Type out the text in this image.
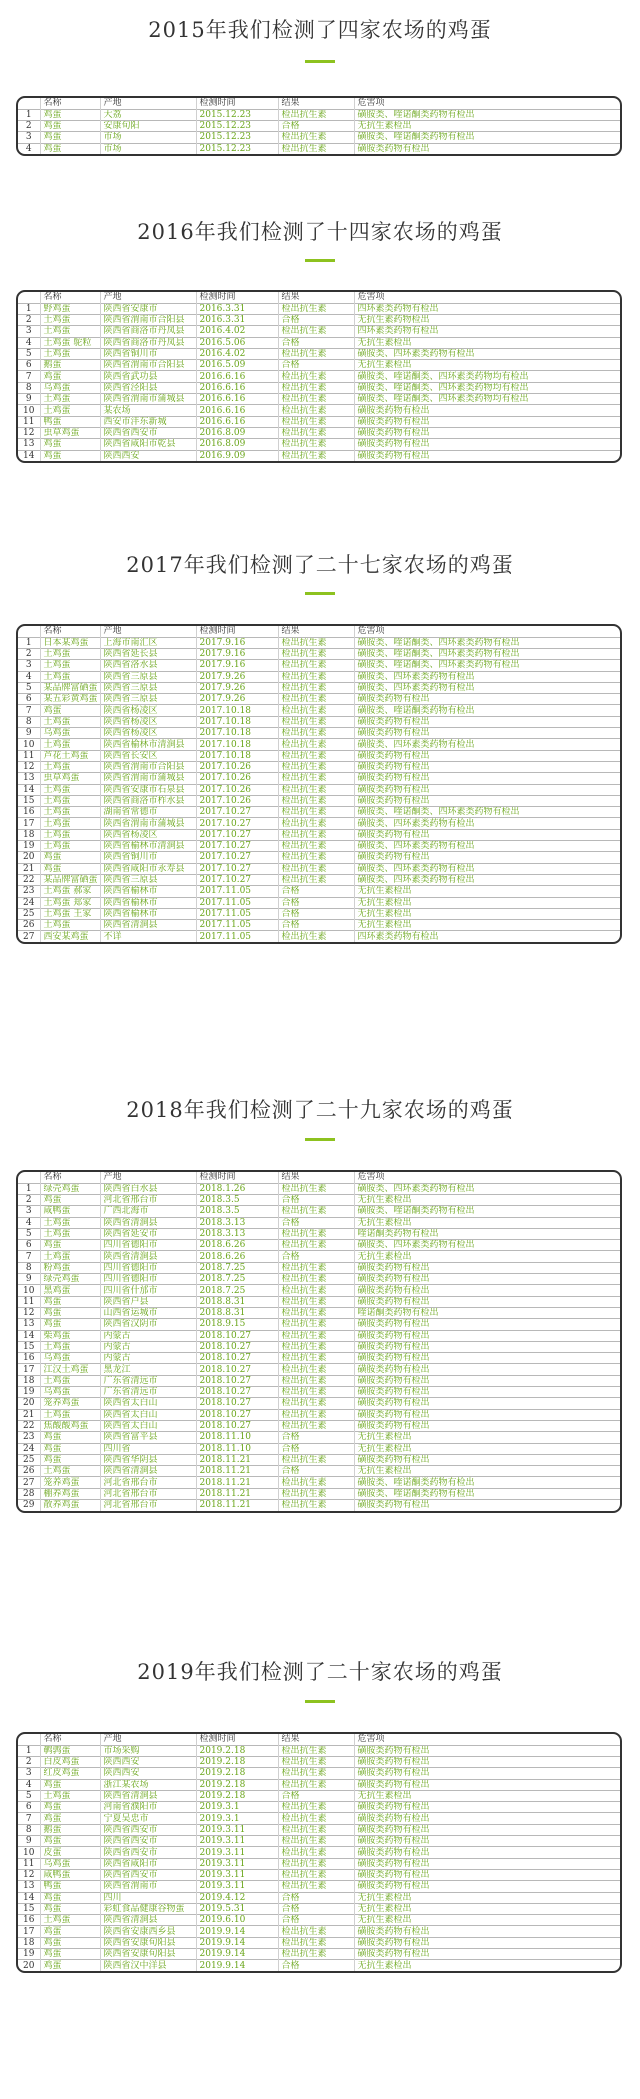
2015年我们检测了四家农场的鸡蛋
	名称	产地	检测时间	结果	危害项
1	鸡蛋	大荔	2015.12.23	检出抗生素	磺胺类、喹诺酮类药物有检出
2	鸡蛋	安康旬阳	2015.12.23	合格	无抗生素检出
3	鸡蛋	市场	2015.12.23	检出抗生素	磺胺类、喹诺酮类药物有检出
4	鸡蛋	市场	2015.12.23	检出抗生素	磺胺类药物有检出
2016年我们检测了十四家农场的鸡蛋
	名称	产地	检测时间	结果	危害项
1	野鸡蛋	陕西省安康市	2016.3.31	检出抗生素	四环素类药物有检出
2	土鸡蛋	陕西省渭南市合阳县	2016.3.31	合格	无抗生素药物检出
3	土鸡蛋	陕西省商洛市丹凤县	2016.4.02	检出抗生素	四环素类药物有检出
4	土鸡蛋 鸵粒	陕西省商洛市丹凤县	2016.5.06	合格	无抗生素检出
5	土鸡蛋	陕西省铜川市	2016.4.02	检出抗生素	磺胺类、四环素类药物有检出
6	鹅蛋	陕西省渭南市合阳县	2016.5.09	合格	无抗生素检出
7	鸡蛋	陕西省武功县	2016.6.16	检出抗生素	磺胺类、喹诺酮类、四环素类药物均有检出
8	乌鸡蛋	陕西省泾阳县	2016.6.16	检出抗生素	磺胺类、喹诺酮类、四环素类药物均有检出
9	土鸡蛋	陕西省渭南市蒲城县	2016.6.16	检出抗生素	磺胺类、喹诺酮类、四环素类药物均有检出
10	土鸡蛋	某农场	2016.6.16	检出抗生素	磺胺类药物有检出
11	鸭蛋	西安市沣东新城	2016.6.16	检出抗生素	磺胺类药物有检出
12	虫草鸡蛋	陕西省西安市	2016.8.09	检出抗生素	磺胺类药物有检出
13	鸡蛋	陕西省咸阳市乾县	2016.8.09	检出抗生素	磺胺类药物有检出
14	鸡蛋	陕西西安	2016.9.09	检出抗生素	磺胺类药物有检出
2017年我们检测了二十七家农场的鸡蛋
	名称	产地	检测时间	结果	危害项
1	日本某鸡蛋	上海市南汇区	2017.9.16	检出抗生素	磺胺类、喹诺酮类、四环素类药物有检出
2	土鸡蛋	陕西省延长县	2017.9.16	检出抗生素	磺胺类、喹诺酮类、四环素类药物有检出
3	土鸡蛋	陕西省洛水县	2017.9.16	检出抗生素	磺胺类、喹诺酮类、四环素类药物有检出
4	土鸡蛋	陕西省三原县	2017.9.26	检出抗生素	磺胺类、四环素类药物有检出
5	某品牌富硒蛋	陕西省三原县	2017.9.26	检出抗生素	磺胺类、四环素类药物有检出
6	某五彩黄鸡蛋	陕西省三原县	2017.9.26	检出抗生素	磺胺类药物有检出
7	鸡蛋	陕西省杨凌区	2017.10.18	检出抗生素	磺胺类、喹诺酮类药物有检出
8	土鸡蛋	陕西省杨凌区	2017.10.18	检出抗生素	磺胺类药物有检出
9	乌鸡蛋	陕西省杨凌区	2017.10.18	检出抗生素	磺胺类药物有检出
10	土鸡蛋	陕西省榆林市清涧县	2017.10.18	检出抗生素	磺胺类、四环素类药物有检出
11	芦花土鸡蛋	陕西省长安区	2017.10.18	检出抗生素	磺胺类药物有检出
12	土鸡蛋	陕西省渭南市合阳县	2017.10.26	检出抗生素	磺胺类药物有检出
13	虫草鸡蛋	陕西省渭南市蒲城县	2017.10.26	检出抗生素	磺胺类药物有检出
14	土鸡蛋	陕西省安康市石泉县	2017.10.26	检出抗生素	磺胺类药物有检出
15	土鸡蛋	陕西省商洛市柞水县	2017.10.26	检出抗生素	磺胺类药物有检出
16	土鸡蛋	湖南省常德市	2017.10.27	检出抗生素	磺胺类、喹诺酮类、四环素类药物有检出
17	土鸡蛋	陕西省渭南市蒲城县	2017.10.27	检出抗生素	磺胺类、四环素类药物有检出
18	土鸡蛋	陕西省杨凌区	2017.10.27	检出抗生素	磺胺类药物有检出
19	土鸡蛋	陕西省榆林市清涧县	2017.10.27	检出抗生素	磺胺类、四环素类药物有检出
20	鸡蛋	陕西省铜川市	2017.10.27	检出抗生素	磺胺类药物有检出
21	鸡蛋	陕西省咸阳市永寿县	2017.10.27	检出抗生素	磺胺类、四环素类药物有检出
22	某品牌富硒蛋	陕西省三原县	2017.10.27	检出抗生素	磺胺类、四环素类药物有检出
23	土鸡蛋 郝家	陕西省榆林市	2017.11.05	合格	无抗生素检出
24	土鸡蛋 郑家	陕西省榆林市	2017.11.05	合格	无抗生素检出
25	土鸡蛋 王家	陕西省榆林市	2017.11.05	合格	无抗生素检出
26	土鸡蛋	陕西省清涧县	2017.11.05	合格	无抗生素检出
27	西安某鸡蛋	不详	2017.11.05	检出抗生素	四环素类药物有检出
2018年我们检测了二十九家农场的鸡蛋
	名称	产地	检测时间	结果	危害项
1	绿壳鸡蛋	陕西省白水县	2018.1.26	检出抗生素	磺胺类、四环素类药物有检出
2	鸡蛋	河北省邢台市	2018.3.5	合格	无抗生素检出
3	咸鸭蛋	广西北海市	2018.3.5	检出抗生素	磺胺类、喹诺酮类药物有检出
4	土鸡蛋	陕西省清涧县	2018.3.13	合格	无抗生素检出
5	土鸡蛋	陕西省延安市	2018.3.13	检出抗生素	喹诺酮类药物有检出
6	鸡蛋	四川省德阳市	2018.6.26	检出抗生素	磺胺类、四环素类药物有检出
7	土鸡蛋	陕西省清涧县	2018.6.26	合格	无抗生素检出
8	粉鸡蛋	四川省德阳市	2018.7.25	检出抗生素	磺胺类药物有检出
9	绿壳鸡蛋	四川省德阳市	2018.7.25	检出抗生素	磺胺类药物有检出
10	黑鸡蛋	四川省什邡市	2018.7.25	检出抗生素	磺胺类药物有检出
11	鸡蛋	陕西省户县	2018.8.31	检出抗生素	磺胺类药物有检出
12	鸡蛋	山西省运城市	2018.8.31	检出抗生素	喹诺酮类药物有检出
13	鸡蛋	陕西省汉阴市	2018.9.15	检出抗生素	磺胺类药物有检出
14	柴鸡蛋	内蒙古	2018.10.27	检出抗生素	磺胺类药物有检出
15	土鸡蛋	内蒙古	2018.10.27	检出抗生素	磺胺类药物有检出
16	乌鸡蛋	内蒙古	2018.10.27	检出抗生素	磺胺类药物有检出
17	江汉土鸡蛋	黑龙江	2018.10.27	检出抗生素	磺胺类药物有检出
18	土鸡蛋	广东省清远市	2018.10.27	检出抗生素	磺胺类药物有检出
19	乌鸡蛋	广东省清远市	2018.10.27	检出抗生素	磺胺类药物有检出
20	笼养鸡蛋	陕西省太白山	2018.10.27	检出抗生素	磺胺类药物有检出
21	土鸡蛋	陕西省太白山	2018.10.27	检出抗生素	磺胺类药物有检出
22	焦酸酸鸡蛋	陕西省太白山	2018.10.27	检出抗生素	磺胺类药物有检出
23	鸡蛋	陕西省富平县	2018.11.10	合格	无抗生素检出
24	鸡蛋	四川省	2018.11.10	合格	无抗生素检出
25	鸡蛋	陕西省华阴县	2018.11.21	检出抗生素	磺胺类药物有检出
26	土鸡蛋	陕西省清涧县	2018.11.21	合格	无抗生素检出
27	笼养鸡蛋	河北省邢台市	2018.11.21	检出抗生素	磺胺类、喹诺酮类药物有检出
28	棚养鸡蛋	河北省邢台市	2018.11.21	检出抗生素	磺胺类、喹诺酮类药物有检出
29	散养鸡蛋	河北省邢台市	2018.11.21	检出抗生素	磺胺类药物有检出
2019年我们检测了二十家农场的鸡蛋
	名称	产地	检测时间	结果	危害项
1	鹌鹑蛋	市场采购	2019.2.18	检出抗生素	磺胺类药物有检出
2	白皮鸡蛋	陕西西安	2019.2.18	检出抗生素	磺胺类药物有检出
3	红皮鸡蛋	陕西西安	2019.2.18	检出抗生素	磺胺类药物有检出
4	鸡蛋	浙江某农场	2019.2.18	检出抗生素	磺胺类药物有检出
5	土鸡蛋	陕西省清涧县	2019.2.18	合格	无抗生素检出
6	鸡蛋	河南省濮阳市	2019.3.1	检出抗生素	磺胺类药物有检出
7	鸡蛋	宁夏吴忠市	2019.3.1	检出抗生素	磺胺类药物有检出
8	鹅蛋	陕西省西安市	2019.3.11	检出抗生素	磺胺类药物有检出
9	鸡蛋	陕西省西安市	2019.3.11	检出抗生素	磺胺类药物有检出
10	皮蛋	陕西省西安市	2019.3.11	检出抗生素	磺胺类药物有检出
11	乌鸡蛋	陕西省咸阳市	2019.3.11	检出抗生素	磺胺类药物有检出
12	咸鸭蛋	陕西省西安市	2019.3.11	检出抗生素	磺胺类药物有检出
13	鸭蛋	陕西省渭南市	2019.3.11	检出抗生素	磺胺类药物有检出
14	鸡蛋	四川	2019.4.12	合格	无抗生素检出
15	鸡蛋	彩虹食品健康谷物蛋	2019.5.31	合格	无抗生素检出
16	土鸡蛋	陕西省清涧县	2019.6.10	合格	无抗生素检出
17	鸡蛋	陕西省安康西乡县	2019.9.14	检出抗生素	磺胺类药物有检出
18	鸡蛋	陕西省安康旬阳县	2019.9.14	检出抗生素	磺胺类药物有检出
19	鸡蛋	陕西省安康旬阳县	2019.9.14	检出抗生素	磺胺类药物有检出
20	鸡蛋	陕西省汉中洋县	2019.9.14	合格	无抗生素检出
